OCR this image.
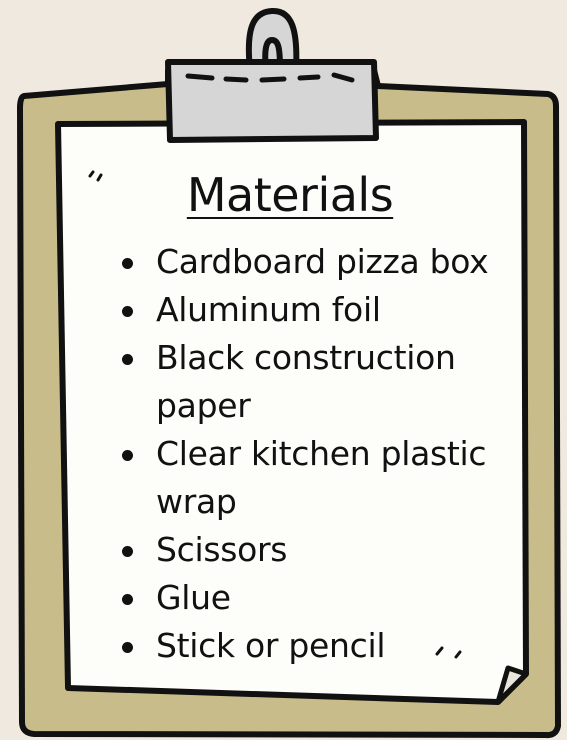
Materials
Cardboard pizza box
Aluminum foil
Black construction paper
Clear kitchen plastic wrap
Scissors
Glue
Stick or pencil
